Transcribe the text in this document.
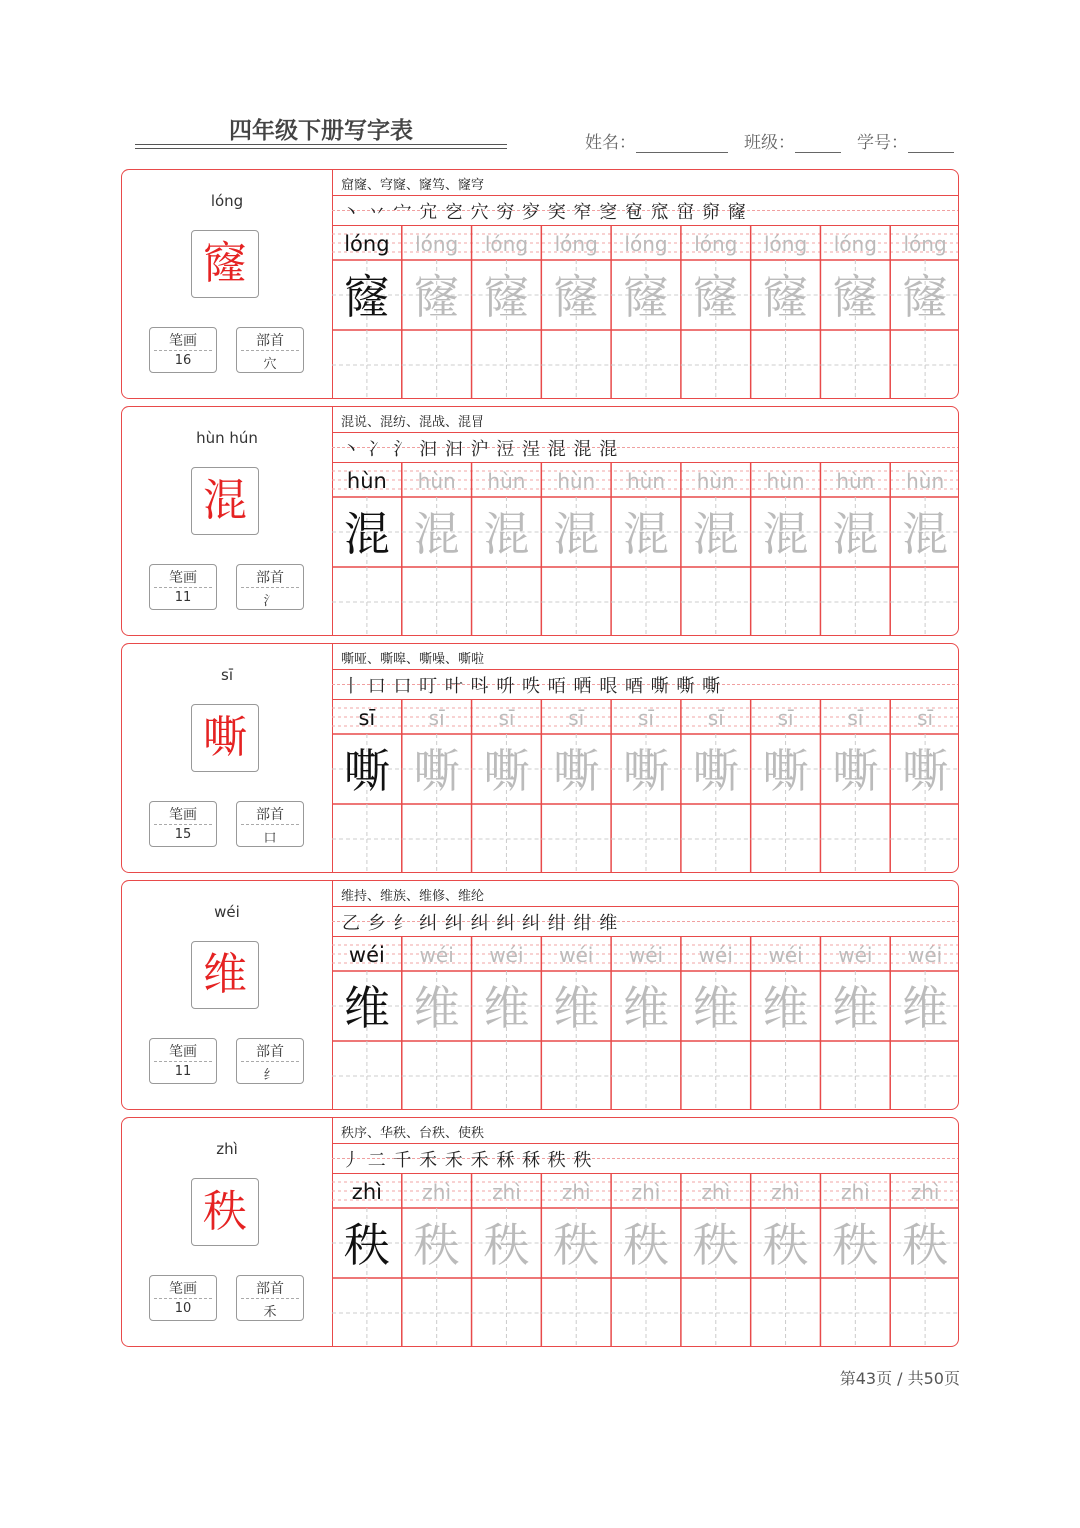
四年级下册写字表	姓名：	班级：	学号：
lóng
窿
笔画
16
部首
穴
窟窿、穹窿、窿笃、窿穹
丶 丷 宀 宂 穵 穴 穷 穸 穾 窄 窆 窇 窊 窋 窌 窿
lóng
窿
lóng
窿
lóng
窿
lóng
窿
lóng
窿
lóng
窿
lóng
窿
lóng
窿
lóng
窿
hùn hún
混
笔画
11
部首
氵
混说、混纺、混战、混冒
丶 冫 氵 汩 汩 沪 浢 浧 混 混 混
hùn
混
hùn
混
hùn
混
hùn
混
hùn
混
hùn
混
hùn
混
hùn
混
hùn
混
sī
嘶
笔画
15
部首
口
嘶哑、嘶嗥、嘶噪、嘶啦
丨 口 口 叮 叶 呌 呏 呹 咟 哂 哏 唒 嘶 嘶 嘶
sī
嘶
sī
嘶
sī
嘶
sī
嘶
sī
嘶
sī
嘶
sī
嘶
sī
嘶
sī
嘶
wéi
维
笔画
11
部首
纟
维持、维族、维修、维纶
乙 乡 纟 纠 纠 纠 纠 纠 绀 绀 维
wéi
维
wéi
维
wéi
维
wéi
维
wéi
维
wéi
维
wéi
维
wéi
维
wéi
维
zhì
秩
笔画
10
部首
禾
秩序、华秩、台秩、使秩
丿 二 千 禾 禾 禾 秝 秝 秩 秩
zhì
秩
zhì
秩
zhì
秩
zhì
秩
zhì
秩
zhì
秩
zhì
秩
zhì
秩
zhì
秩
第43页 / 共50页
